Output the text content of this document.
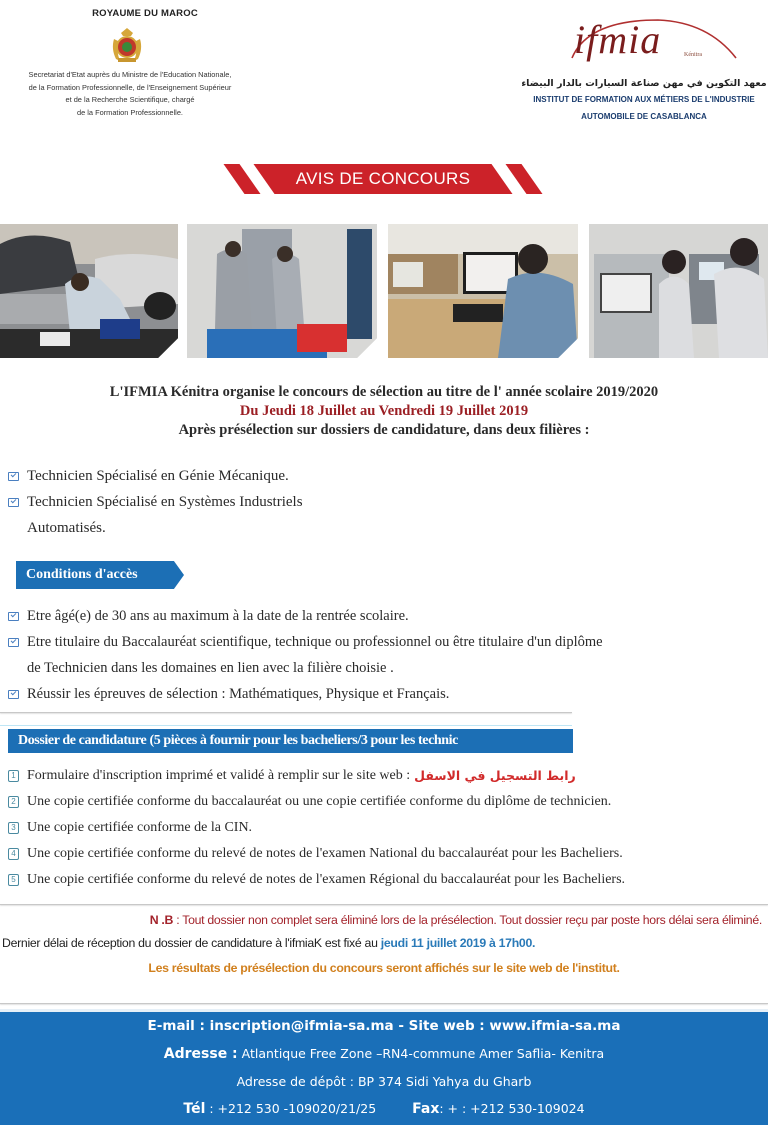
ROYAUME DU MAROC
Secretariat d'Etat auprès du Ministre de l'Education Nationale,
de la Formation Professionnelle, de l'Enseignement Supérieur
et de la Recherche Scientifique, chargé
de la Formation Professionnelle.
ifmia	Kénitra
معهد التكوين في مهن صناعة السيارات بالدار البيضاء
INSTITUT DE FORMATION AUX MÉTIERS DE L'INDUSTRIE
AUTOMOBILE DE CASABLANCA
AVIS DE CONCOURS
L'IFMIA Kénitra organise le concours de sélection au titre de l' année scolaire 2019/2020
Du Jeudi 18 Juillet au Vendredi 19 Juillet 2019
Après présélection sur dossiers de candidature, dans deux filières :
Technicien Spécialisé en Génie Mécanique.
Technicien Spécialisé en Systèmes Industriels
Automatisés.
Conditions d'accès
Etre âgé(e) de 30 ans au maximum à la date de la rentrée scolaire.
Etre titulaire du Baccalauréat scientifique, technique ou professionnel ou être titulaire d'un diplôme
de Technicien dans les domaines en lien avec la filière choisie .
Réussir les épreuves de sélection : Mathématiques, Physique et Français.
Dossier de candidature (5 pièces à fournir pour les bacheliers/3 pour les technic
1 Formulaire d'inscription imprimé et validé à remplir sur le site web : رابط التسجيل في الاسفل
2 Une copie certifiée conforme du baccalauréat ou une copie certifiée conforme du diplôme de technicien.
3 Une copie certifiée conforme de la CIN.
4 Une copie certifiée conforme du relevé de notes de l'examen National du baccalauréat pour les Bacheliers.
5 Une copie certifiée conforme du relevé de notes de l'examen Régional du baccalauréat pour les Bacheliers.
N .B : Tout dossier non complet sera éliminé lors de la présélection. Tout dossier reçu par poste hors délai sera éliminé.
Dernier délai de réception du dossier de candidature à l'ifmiaK est fixé au jeudi 11 juillet 2019 à 17h00.
Les résultats de présélection du concours seront affichés sur le site web de l'institut.
E-mail : inscription@ifmia-sa.ma - Site web : www.ifmia-sa.ma
Adresse : Atlantique Free Zone –RN4-commune Amer Saflia- Kenitra
Adresse de dépôt : BP 374 Sidi Yahya du Gharb
Tél : +212 530 -109020/21/25	Fax: + : +212 530-109024
